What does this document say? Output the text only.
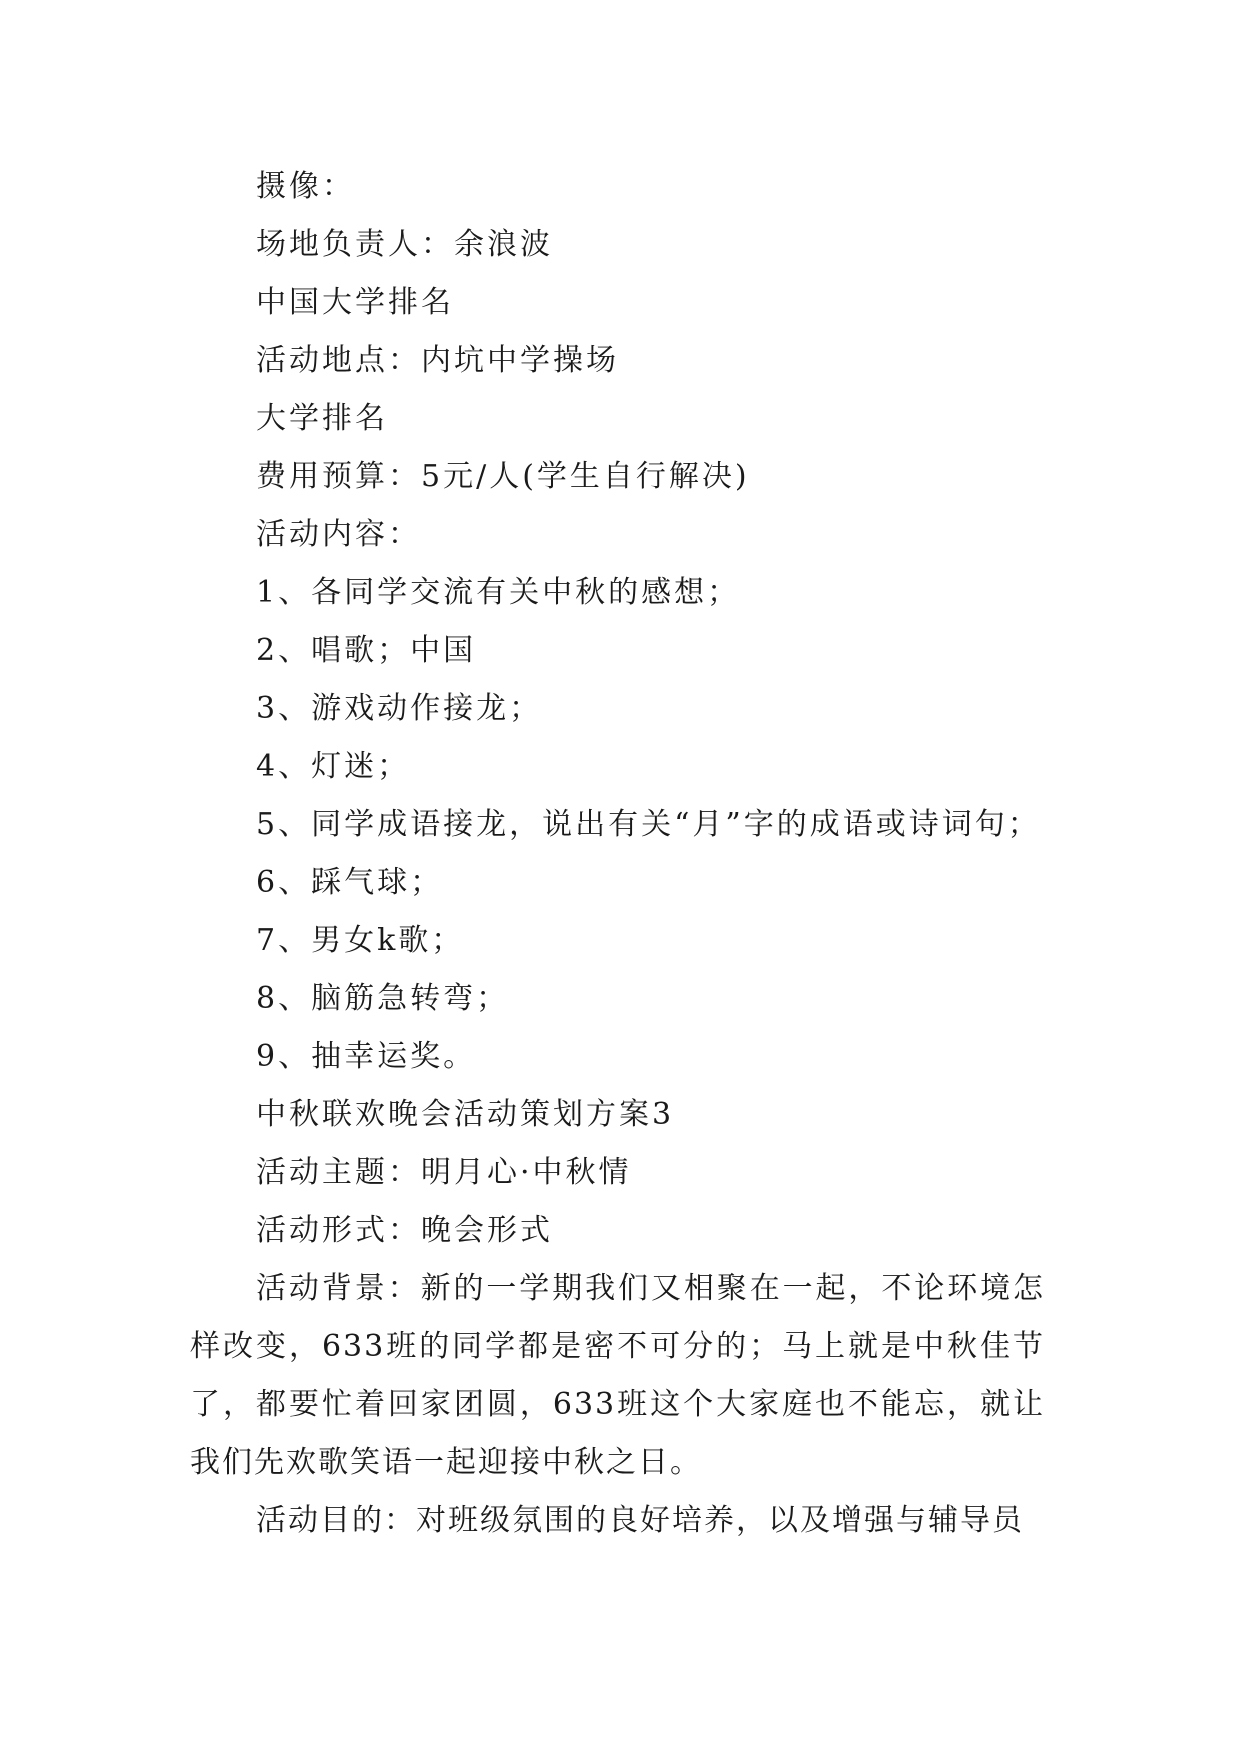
摄像：

场地负责人：余浪波

中国大学排名

活动地点：内坑中学操场

大学排名

费用预算：5元/人(学生自行解决)

活动内容：

1、各同学交流有关中秋的感想；

2、唱歌；中国

3、游戏动作接龙；

4、灯迷；

5、同学成语接龙，说出有关“月”字的成语或诗词句；

6、踩气球；

7、男女k歌；

8、脑筋急转弯；

9、抽幸运奖。

中秋联欢晚会活动策划方案3

活动主题：明月心·中秋情

活动形式：晚会形式

活动背景：新的一学期我们又相聚在一起，不论环境怎样改变，633班的同学都是密不可分的；马上就是中秋佳节了，都要忙着回家团圆，633班这个大家庭也不能忘，就让我们先欢歌笑语一起迎接中秋之日。

活动目的：对班级氛围的良好培养，以及增强与辅导员
